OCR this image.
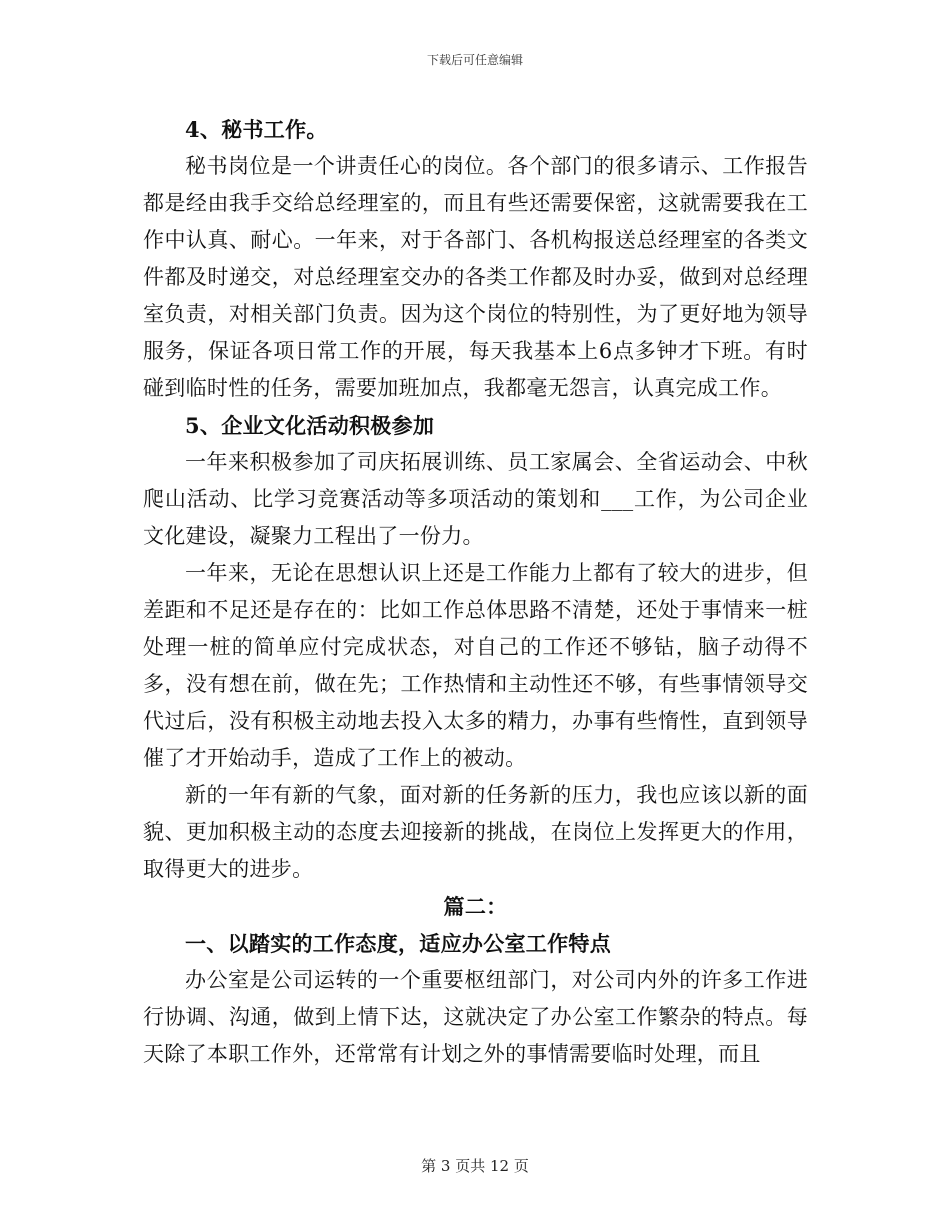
下载后可任意编辑

4、秘书工作。

秘书岗位是一个讲责任心的岗位。各个部门的很多请示、工作报告都是经由我手交给总经理室的，而且有些还需要保密，这就需要我在工作中认真、耐心。一年来，对于各部门、各机构报送总经理室的各类文件都及时递交，对总经理室交办的各类工作都及时办妥，做到对总经理室负责，对相关部门负责。因为这个岗位的特别性，为了更好地为领导服务，保证各项日常工作的开展，每天我基本上6点多钟才下班。有时碰到临时性的任务，需要加班加点，我都毫无怨言，认真完成工作。

5、企业文化活动积极参加

一年来积极参加了司庆拓展训练、员工家属会、全省运动会、中秋爬山活动、比学习竞赛活动等多项活动的策划和___工作，为公司企业文化建设，凝聚力工程出了一份力。

一年来，无论在思想认识上还是工作能力上都有了较大的进步，但差距和不足还是存在的：比如工作总体思路不清楚，还处于事情来一桩处理一桩的简单应付完成状态，对自己的工作还不够钻，脑子动得不多，没有想在前，做在先；工作热情和主动性还不够，有些事情领导交代过后，没有积极主动地去投入太多的精力，办事有些惰性，直到领导催了才开始动手，造成了工作上的被动。

新的一年有新的气象，面对新的任务新的压力，我也应该以新的面貌、更加积极主动的态度去迎接新的挑战，在岗位上发挥更大的作用，取得更大的进步。

篇二：

一、以踏实的工作态度，适应办公室工作特点

办公室是公司运转的一个重要枢纽部门，对公司内外的许多工作进行协调、沟通，做到上情下达，这就决定了办公室工作繁杂的特点。每天除了本职工作外，还常常有计划之外的事情需要临时处理，而且

第 3 页共 12 页
